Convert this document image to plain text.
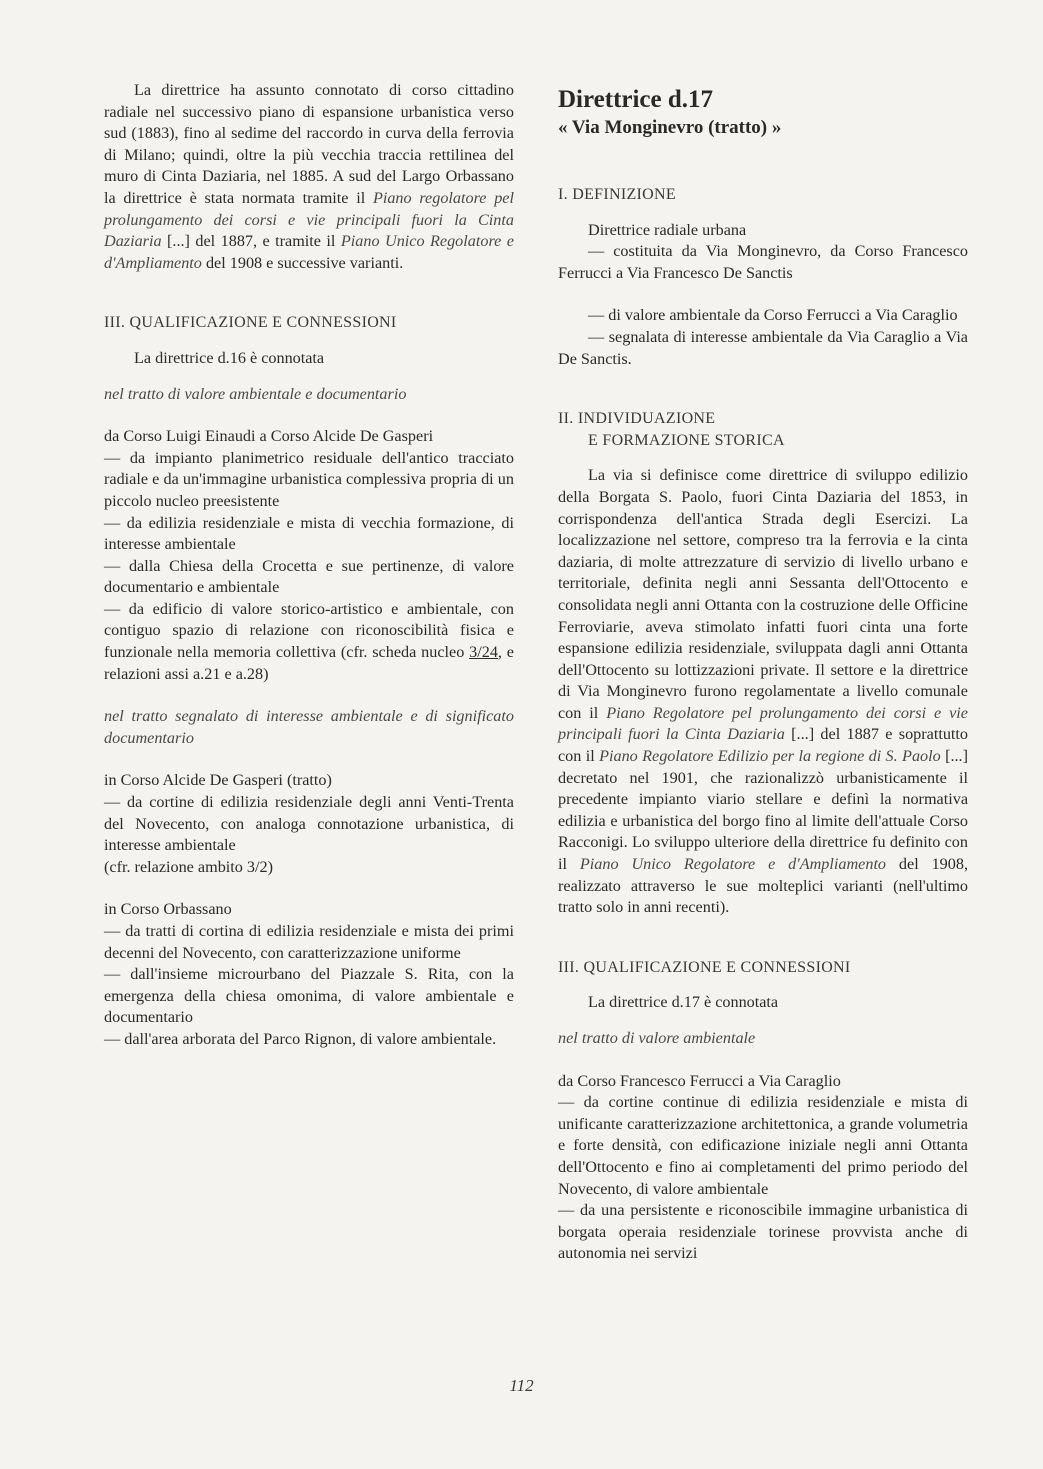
La direttrice ha assunto connotato di corso cittadino radiale nel successivo piano di espansione urbanistica verso sud (1883), fino al sedime del raccordo in curva della ferrovia di Milano; quindi, oltre la più vecchia traccia rettilinea del muro di Cinta Daziaria, nel 1885. A sud del Largo Orbassano la direttrice è stata normata tramite il Piano regolatore pel prolungamento dei corsi e vie principali fuori la Cinta Daziaria [...] del 1887, e tramite il Piano Unico Regolatore e d'Ampliamento del 1908 e successive varianti.

III. QUALIFICAZIONE E CONNESSIONI

La direttrice d.16 è connotata

nel tratto di valore ambientale e documentario

da Corso Luigi Einaudi a Corso Alcide De Gasperi

— da impianto planimetrico residuale dell'antico tracciato radiale e da un'immagine urbanistica complessiva propria di un piccolo nucleo preesistente

— da edilizia residenziale e mista di vecchia formazione, di interesse ambientale

— dalla Chiesa della Crocetta e sue pertinenze, di valore documentario e ambientale

— da edificio di valore storico-artistico e ambientale, con contiguo spazio di relazione con riconoscibilità fisica e funzionale nella memoria collettiva (cfr. scheda nucleo 3/24, e relazioni assi a.21 e a.28)

nel tratto segnalato di interesse ambientale e di significato documentario

in Corso Alcide De Gasperi (tratto)

— da cortine di edilizia residenziale degli anni Venti-Trenta del Novecento, con analoga connotazione urbanistica, di interesse ambientale

(cfr. relazione ambito 3/2)

in Corso Orbassano

— da tratti di cortina di edilizia residenziale e mista dei primi decenni del Novecento, con caratterizzazione uniforme

— dall'insieme microurbano del Piazzale S. Rita, con la emergenza della chiesa omonima, di valore ambientale e documentario

— dall'area arborata del Parco Rignon, di valore ambientale.

Direttrice d.17

« Via Monginevro (tratto) »

I. DEFINIZIONE

Direttrice radiale urbana

— costituita da Via Monginevro, da Corso Francesco Ferrucci a Via Francesco De Sanctis

— di valore ambientale da Corso Ferrucci a Via Caraglio

— segnalata di interesse ambientale da Via Caraglio a Via De Sanctis.

II. INDIVIDUAZIONE

E FORMAZIONE STORICA

La via si definisce come direttrice di sviluppo edilizio della Borgata S. Paolo, fuori Cinta Daziaria del 1853, in corrispondenza dell'antica Strada degli Esercizi. La localizzazione nel settore, compreso tra la ferrovia e la cinta daziaria, di molte attrezzature di servizio di livello urbano e territoriale, definita negli anni Sessanta dell'Ottocento e consolidata negli anni Ottanta con la costruzione delle Officine Ferroviarie, aveva stimolato infatti fuori cinta una forte espansione edilizia residenziale, sviluppata dagli anni Ottanta dell'Ottocento su lottizzazioni private. Il settore e la direttrice di Via Monginevro furono regolamentate a livello comunale con il Piano Regolatore pel prolungamento dei corsi e vie principali fuori la Cinta Daziaria [...] del 1887 e soprattutto con il Piano Regolatore Edilizio per la regione di S. Paolo [...] decretato nel 1901, che razionalizzò urbanisticamente il precedente impianto viario stellare e definì la normativa edilizia e urbanistica del borgo fino al limite dell'attuale Corso Racconigi. Lo sviluppo ulteriore della direttrice fu definito con il Piano Unico Regolatore e d'Ampliamento del 1908, realizzato attraverso le sue molteplici varianti (nell'ultimo tratto solo in anni recenti).

III. QUALIFICAZIONE E CONNESSIONI

La direttrice d.17 è connotata

nel tratto di valore ambientale

da Corso Francesco Ferrucci a Via Caraglio

— da cortine continue di edilizia residenziale e mista di unificante caratterizzazione architettonica, a grande volumetria e forte densità, con edificazione iniziale negli anni Ottanta dell'Ottocento e fino ai completamenti del primo periodo del Novecento, di valore ambientale

— da una persistente e riconoscibile immagine urbanistica di borgata operaia residenziale torinese provvista anche di autonomia nei servizi

112
